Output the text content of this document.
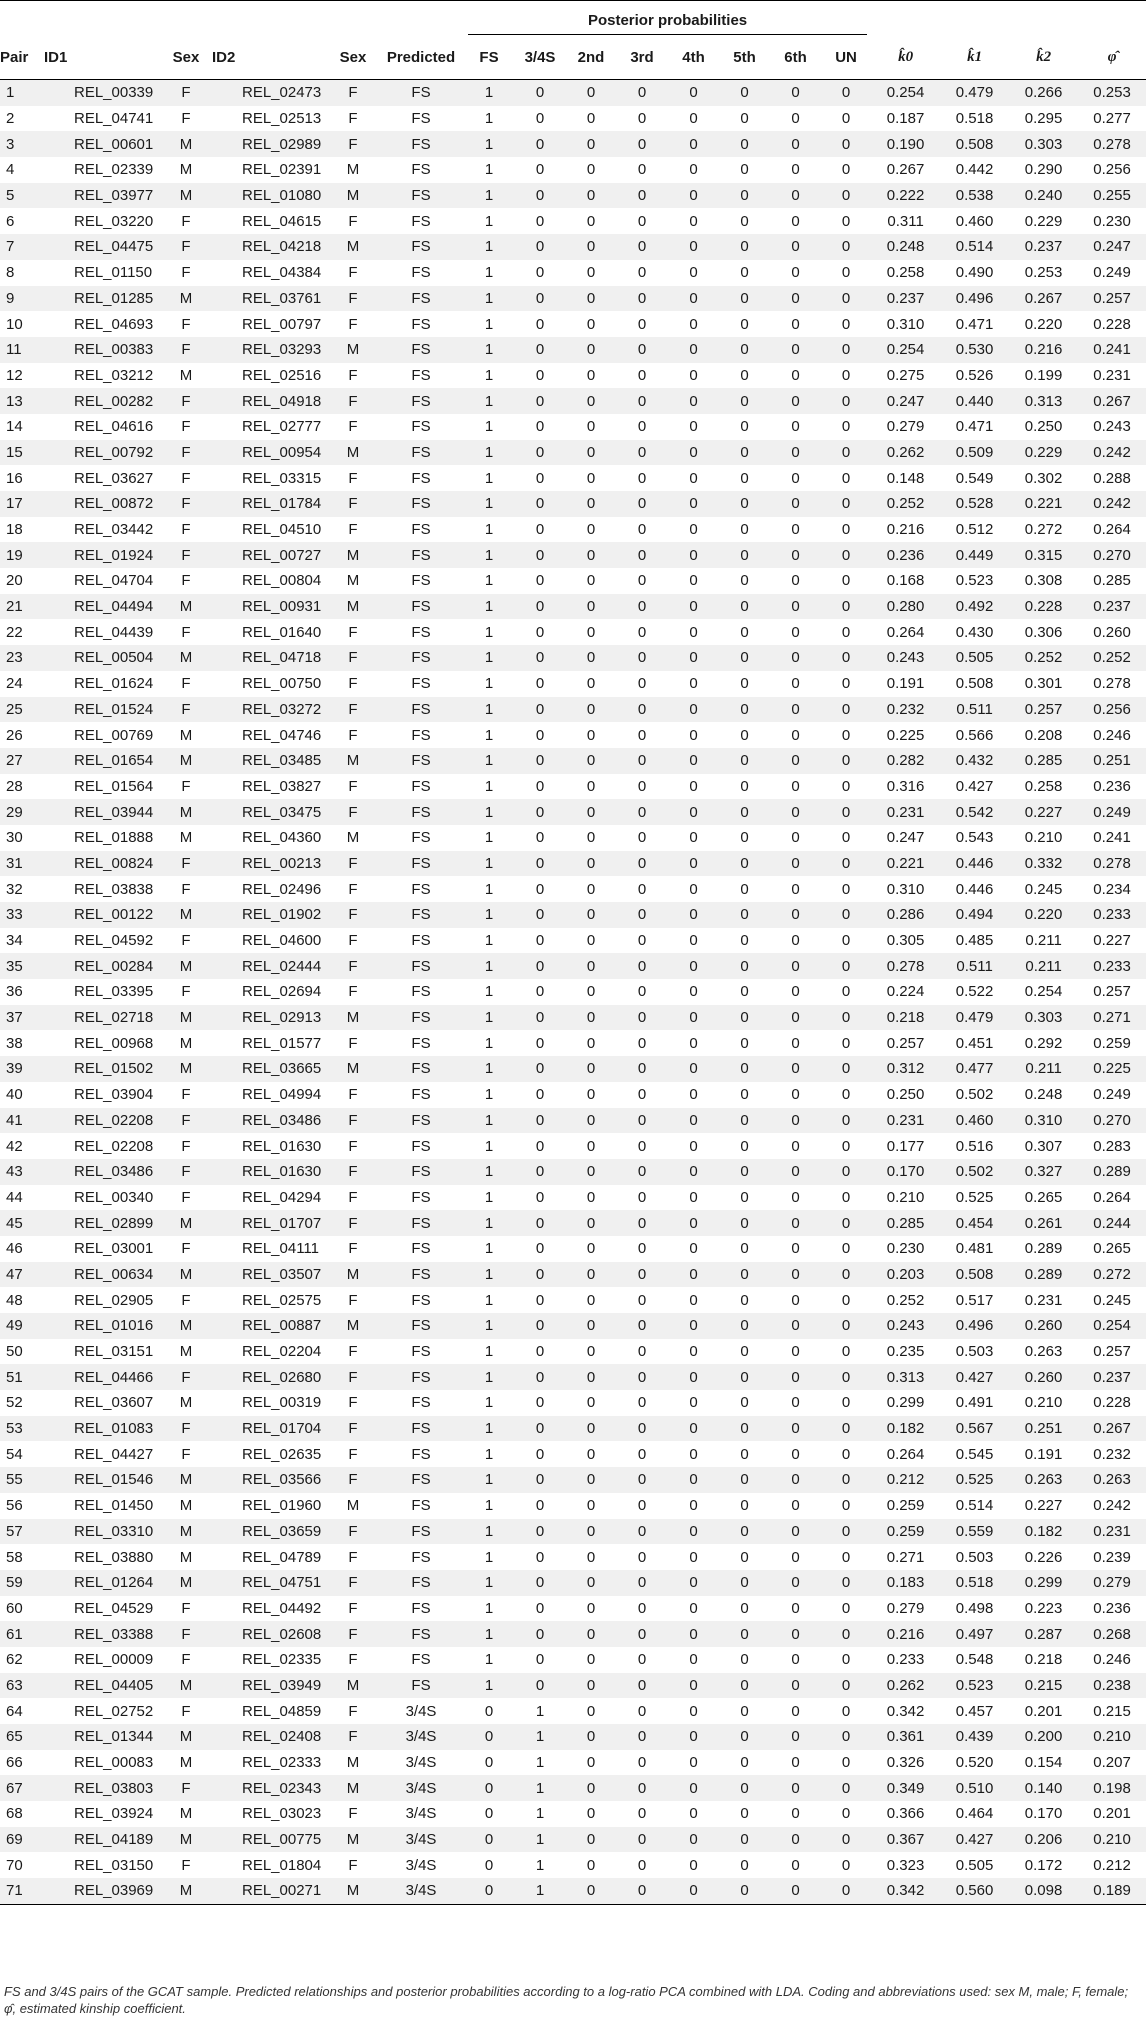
						Posterior probabilities											

Pair	ID1	Sex	ID2	Sex	Predicted	FS	3/4S	2nd	3rd	4th	5th	6th	UN	k̂0	k̂1	k̂2	φ̂
1	REL_00339	F	REL_02473	F	FS	1	0	0	0	0	0	0	0	0.254	0.479	0.266	0.253
2	REL_04741	F	REL_02513	F	FS	1	0	0	0	0	0	0	0	0.187	0.518	0.295	0.277
3	REL_00601	M	REL_02989	F	FS	1	0	0	0	0	0	0	0	0.190	0.508	0.303	0.278
4	REL_02339	M	REL_02391	M	FS	1	0	0	0	0	0	0	0	0.267	0.442	0.290	0.256
5	REL_03977	M	REL_01080	M	FS	1	0	0	0	0	0	0	0	0.222	0.538	0.240	0.255
6	REL_03220	F	REL_04615	F	FS	1	0	0	0	0	0	0	0	0.311	0.460	0.229	0.230
7	REL_04475	F	REL_04218	M	FS	1	0	0	0	0	0	0	0	0.248	0.514	0.237	0.247
8	REL_01150	F	REL_04384	F	FS	1	0	0	0	0	0	0	0	0.258	0.490	0.253	0.249
9	REL_01285	M	REL_03761	F	FS	1	0	0	0	0	0	0	0	0.237	0.496	0.267	0.257
10	REL_04693	F	REL_00797	F	FS	1	0	0	0	0	0	0	0	0.310	0.471	0.220	0.228
11	REL_00383	F	REL_03293	M	FS	1	0	0	0	0	0	0	0	0.254	0.530	0.216	0.241
12	REL_03212	M	REL_02516	F	FS	1	0	0	0	0	0	0	0	0.275	0.526	0.199	0.231
13	REL_00282	F	REL_04918	F	FS	1	0	0	0	0	0	0	0	0.247	0.440	0.313	0.267
14	REL_04616	F	REL_02777	F	FS	1	0	0	0	0	0	0	0	0.279	0.471	0.250	0.243
15	REL_00792	F	REL_00954	M	FS	1	0	0	0	0	0	0	0	0.262	0.509	0.229	0.242
16	REL_03627	F	REL_03315	F	FS	1	0	0	0	0	0	0	0	0.148	0.549	0.302	0.288
17	REL_00872	F	REL_01784	F	FS	1	0	0	0	0	0	0	0	0.252	0.528	0.221	0.242
18	REL_03442	F	REL_04510	F	FS	1	0	0	0	0	0	0	0	0.216	0.512	0.272	0.264
19	REL_01924	F	REL_00727	M	FS	1	0	0	0	0	0	0	0	0.236	0.449	0.315	0.270
20	REL_04704	F	REL_00804	M	FS	1	0	0	0	0	0	0	0	0.168	0.523	0.308	0.285
21	REL_04494	M	REL_00931	M	FS	1	0	0	0	0	0	0	0	0.280	0.492	0.228	0.237
22	REL_04439	F	REL_01640	F	FS	1	0	0	0	0	0	0	0	0.264	0.430	0.306	0.260
23	REL_00504	M	REL_04718	F	FS	1	0	0	0	0	0	0	0	0.243	0.505	0.252	0.252
24	REL_01624	F	REL_00750	F	FS	1	0	0	0	0	0	0	0	0.191	0.508	0.301	0.278
25	REL_01524	F	REL_03272	F	FS	1	0	0	0	0	0	0	0	0.232	0.511	0.257	0.256
26	REL_00769	M	REL_04746	F	FS	1	0	0	0	0	0	0	0	0.225	0.566	0.208	0.246
27	REL_01654	M	REL_03485	M	FS	1	0	0	0	0	0	0	0	0.282	0.432	0.285	0.251
28	REL_01564	F	REL_03827	F	FS	1	0	0	0	0	0	0	0	0.316	0.427	0.258	0.236
29	REL_03944	M	REL_03475	F	FS	1	0	0	0	0	0	0	0	0.231	0.542	0.227	0.249
30	REL_01888	M	REL_04360	M	FS	1	0	0	0	0	0	0	0	0.247	0.543	0.210	0.241
31	REL_00824	F	REL_00213	F	FS	1	0	0	0	0	0	0	0	0.221	0.446	0.332	0.278
32	REL_03838	F	REL_02496	F	FS	1	0	0	0	0	0	0	0	0.310	0.446	0.245	0.234
33	REL_00122	M	REL_01902	F	FS	1	0	0	0	0	0	0	0	0.286	0.494	0.220	0.233
34	REL_04592	F	REL_04600	F	FS	1	0	0	0	0	0	0	0	0.305	0.485	0.211	0.227
35	REL_00284	M	REL_02444	F	FS	1	0	0	0	0	0	0	0	0.278	0.511	0.211	0.233
36	REL_03395	F	REL_02694	F	FS	1	0	0	0	0	0	0	0	0.224	0.522	0.254	0.257
37	REL_02718	M	REL_02913	M	FS	1	0	0	0	0	0	0	0	0.218	0.479	0.303	0.271
38	REL_00968	M	REL_01577	F	FS	1	0	0	0	0	0	0	0	0.257	0.451	0.292	0.259
39	REL_01502	M	REL_03665	M	FS	1	0	0	0	0	0	0	0	0.312	0.477	0.211	0.225
40	REL_03904	F	REL_04994	F	FS	1	0	0	0	0	0	0	0	0.250	0.502	0.248	0.249
41	REL_02208	F	REL_03486	F	FS	1	0	0	0	0	0	0	0	0.231	0.460	0.310	0.270
42	REL_02208	F	REL_01630	F	FS	1	0	0	0	0	0	0	0	0.177	0.516	0.307	0.283
43	REL_03486	F	REL_01630	F	FS	1	0	0	0	0	0	0	0	0.170	0.502	0.327	0.289
44	REL_00340	F	REL_04294	F	FS	1	0	0	0	0	0	0	0	0.210	0.525	0.265	0.264
45	REL_02899	M	REL_01707	F	FS	1	0	0	0	0	0	0	0	0.285	0.454	0.261	0.244
46	REL_03001	F	REL_04111	F	FS	1	0	0	0	0	0	0	0	0.230	0.481	0.289	0.265
47	REL_00634	M	REL_03507	M	FS	1	0	0	0	0	0	0	0	0.203	0.508	0.289	0.272
48	REL_02905	F	REL_02575	F	FS	1	0	0	0	0	0	0	0	0.252	0.517	0.231	0.245
49	REL_01016	M	REL_00887	M	FS	1	0	0	0	0	0	0	0	0.243	0.496	0.260	0.254
50	REL_03151	M	REL_02204	F	FS	1	0	0	0	0	0	0	0	0.235	0.503	0.263	0.257
51	REL_04466	F	REL_02680	F	FS	1	0	0	0	0	0	0	0	0.313	0.427	0.260	0.237
52	REL_03607	M	REL_00319	F	FS	1	0	0	0	0	0	0	0	0.299	0.491	0.210	0.228
53	REL_01083	F	REL_01704	F	FS	1	0	0	0	0	0	0	0	0.182	0.567	0.251	0.267
54	REL_04427	F	REL_02635	F	FS	1	0	0	0	0	0	0	0	0.264	0.545	0.191	0.232
55	REL_01546	M	REL_03566	F	FS	1	0	0	0	0	0	0	0	0.212	0.525	0.263	0.263
56	REL_01450	M	REL_01960	M	FS	1	0	0	0	0	0	0	0	0.259	0.514	0.227	0.242
57	REL_03310	M	REL_03659	F	FS	1	0	0	0	0	0	0	0	0.259	0.559	0.182	0.231
58	REL_03880	M	REL_04789	F	FS	1	0	0	0	0	0	0	0	0.271	0.503	0.226	0.239
59	REL_01264	M	REL_04751	F	FS	1	0	0	0	0	0	0	0	0.183	0.518	0.299	0.279
60	REL_04529	F	REL_04492	F	FS	1	0	0	0	0	0	0	0	0.279	0.498	0.223	0.236
61	REL_03388	F	REL_02608	F	FS	1	0	0	0	0	0	0	0	0.216	0.497	0.287	0.268
62	REL_00009	F	REL_02335	F	FS	1	0	0	0	0	0	0	0	0.233	0.548	0.218	0.246
63	REL_04405	M	REL_03949	M	FS	1	0	0	0	0	0	0	0	0.262	0.523	0.215	0.238
64	REL_02752	F	REL_04859	F	3/4S	0	1	0	0	0	0	0	0	0.342	0.457	0.201	0.215
65	REL_01344	M	REL_02408	F	3/4S	0	1	0	0	0	0	0	0	0.361	0.439	0.200	0.210
66	REL_00083	M	REL_02333	M	3/4S	0	1	0	0	0	0	0	0	0.326	0.520	0.154	0.207
67	REL_03803	F	REL_02343	M	3/4S	0	1	0	0	0	0	0	0	0.349	0.510	0.140	0.198
68	REL_03924	M	REL_03023	F	3/4S	0	1	0	0	0	0	0	0	0.366	0.464	0.170	0.201
69	REL_04189	M	REL_00775	M	3/4S	0	1	0	0	0	0	0	0	0.367	0.427	0.206	0.210
70	REL_03150	F	REL_01804	F	3/4S	0	1	0	0	0	0	0	0	0.323	0.505	0.172	0.212
71	REL_03969	M	REL_00271	M	3/4S	0	1	0	0	0	0	0	0	0.342	0.560	0.098	0.189
FS and 3/4S pairs of the GCAT sample. Predicted relationships and posterior probabilities according to a log-ratio PCA combined with LDA. Coding and abbreviations used: sex M, male; F, female; φ̂, estimated kinship coefficient.
